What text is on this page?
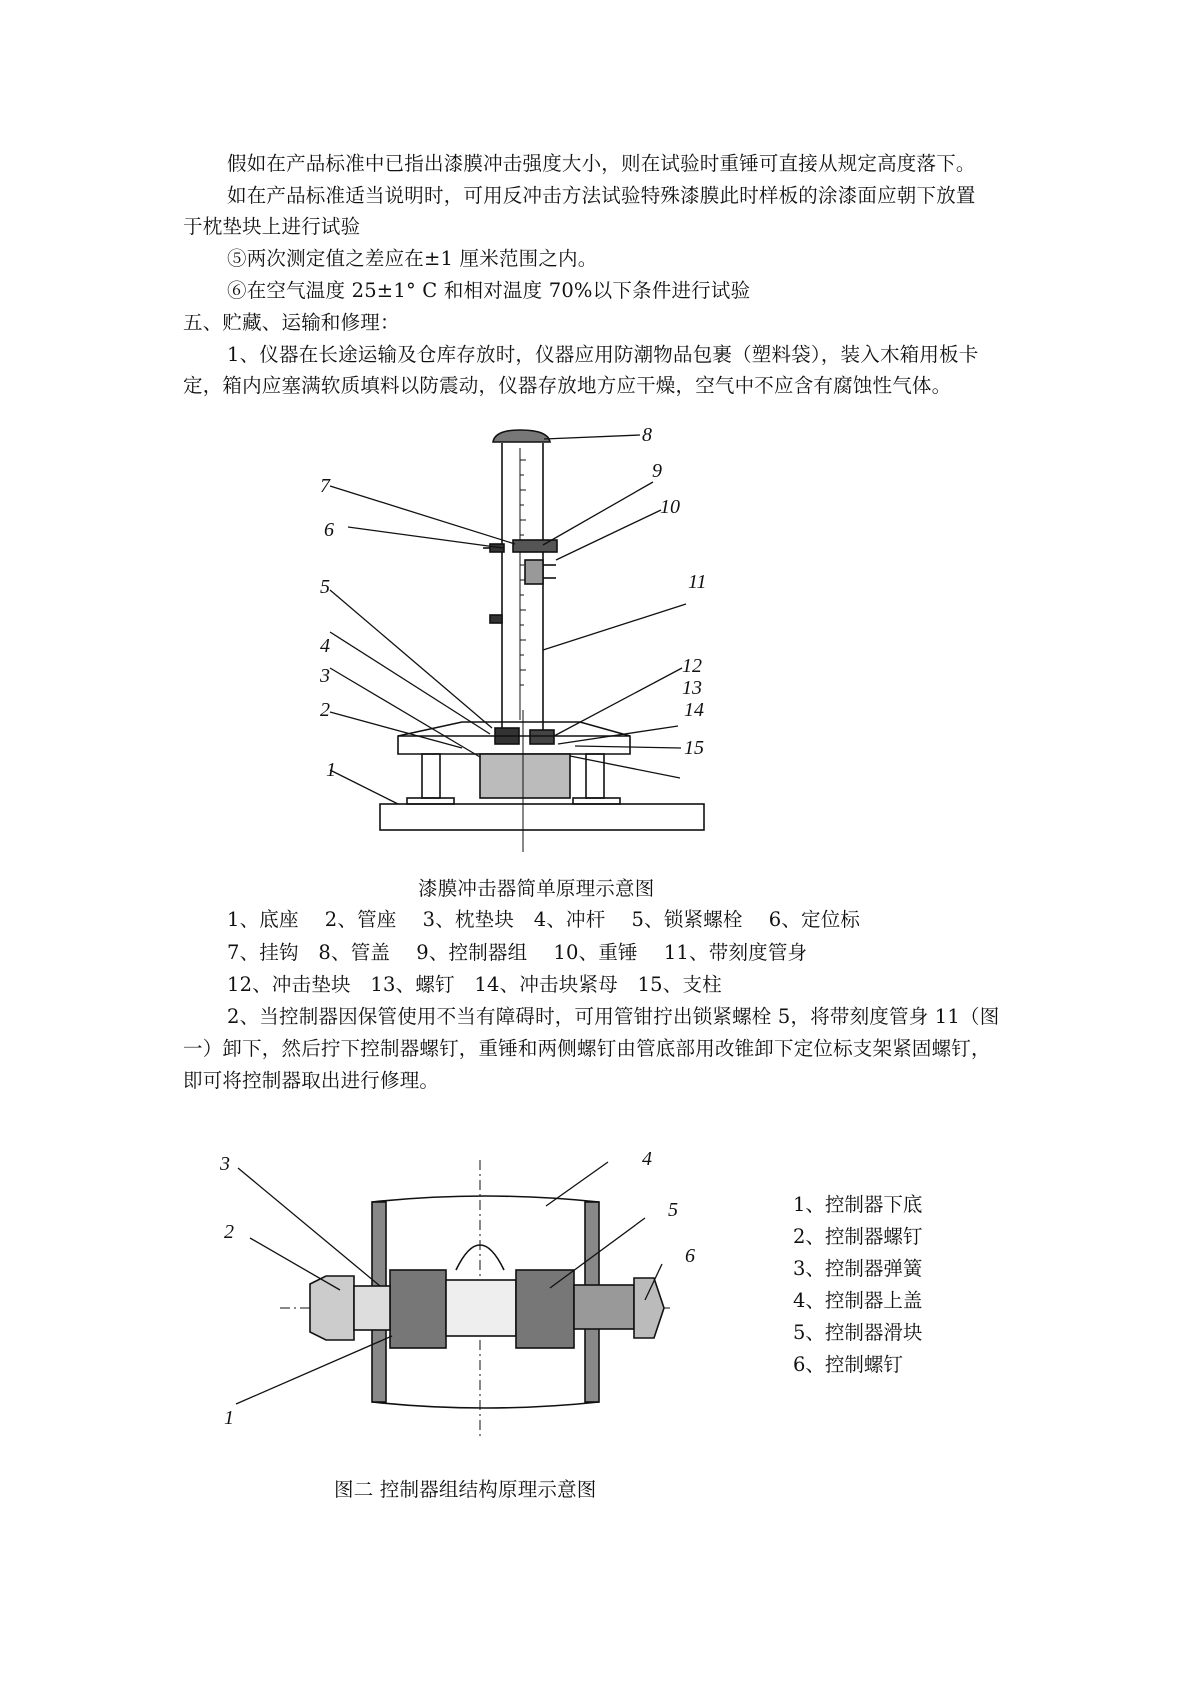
假如在产品标准中已指出漆膜冲击强度大小，则在试验时重锤可直接从规定高度落下。
如在产品标准适当说明时，可用反冲击方法试验特殊漆膜此时样板的涂漆面应朝下放置
于枕垫块上进行试验
⑤两次测定值之差应在±1 厘米范围之内。
⑥在空气温度 25±1° C 和相对温度 70%以下条件进行试验
五、贮藏、运输和修理：
1、仪器在长途运输及仓库存放时，仪器应用防潮物品包裹（塑料袋），装入木箱用板卡
定，箱内应塞满软质填料以防震动，仪器存放地方应干燥，空气中不应含有腐蚀性气体。
8
9
10
11
7
6
5
4
3
2
1
12
13
14
15
漆膜冲击器简单原理示意图
1、底座　 2、管座　 3、枕垫块　4、冲杆　 5、锁紧螺栓　 6、定位标
7、挂钩　8、管盖　 9、控制器组　 10、重锤　 11、带刻度管身
12、冲击垫块　13、螺钉　14、冲击块紧母　15、支柱
2、当控制器因保管使用不当有障碍时，可用管钳拧出锁紧螺栓 5，将带刻度管身 11（图
一）卸下，然后拧下控制器螺钉，重锤和两侧螺钉由管底部用改锥卸下定位标支架紧固螺钉，
即可将控制器取出进行修理。
3
2
1
4
5
6
1、控制器下底
2、控制器螺钉
3、控制器弹簧
4、控制器上盖
5、控制器滑块
6、控制螺钉
图二 控制器组结构原理示意图
